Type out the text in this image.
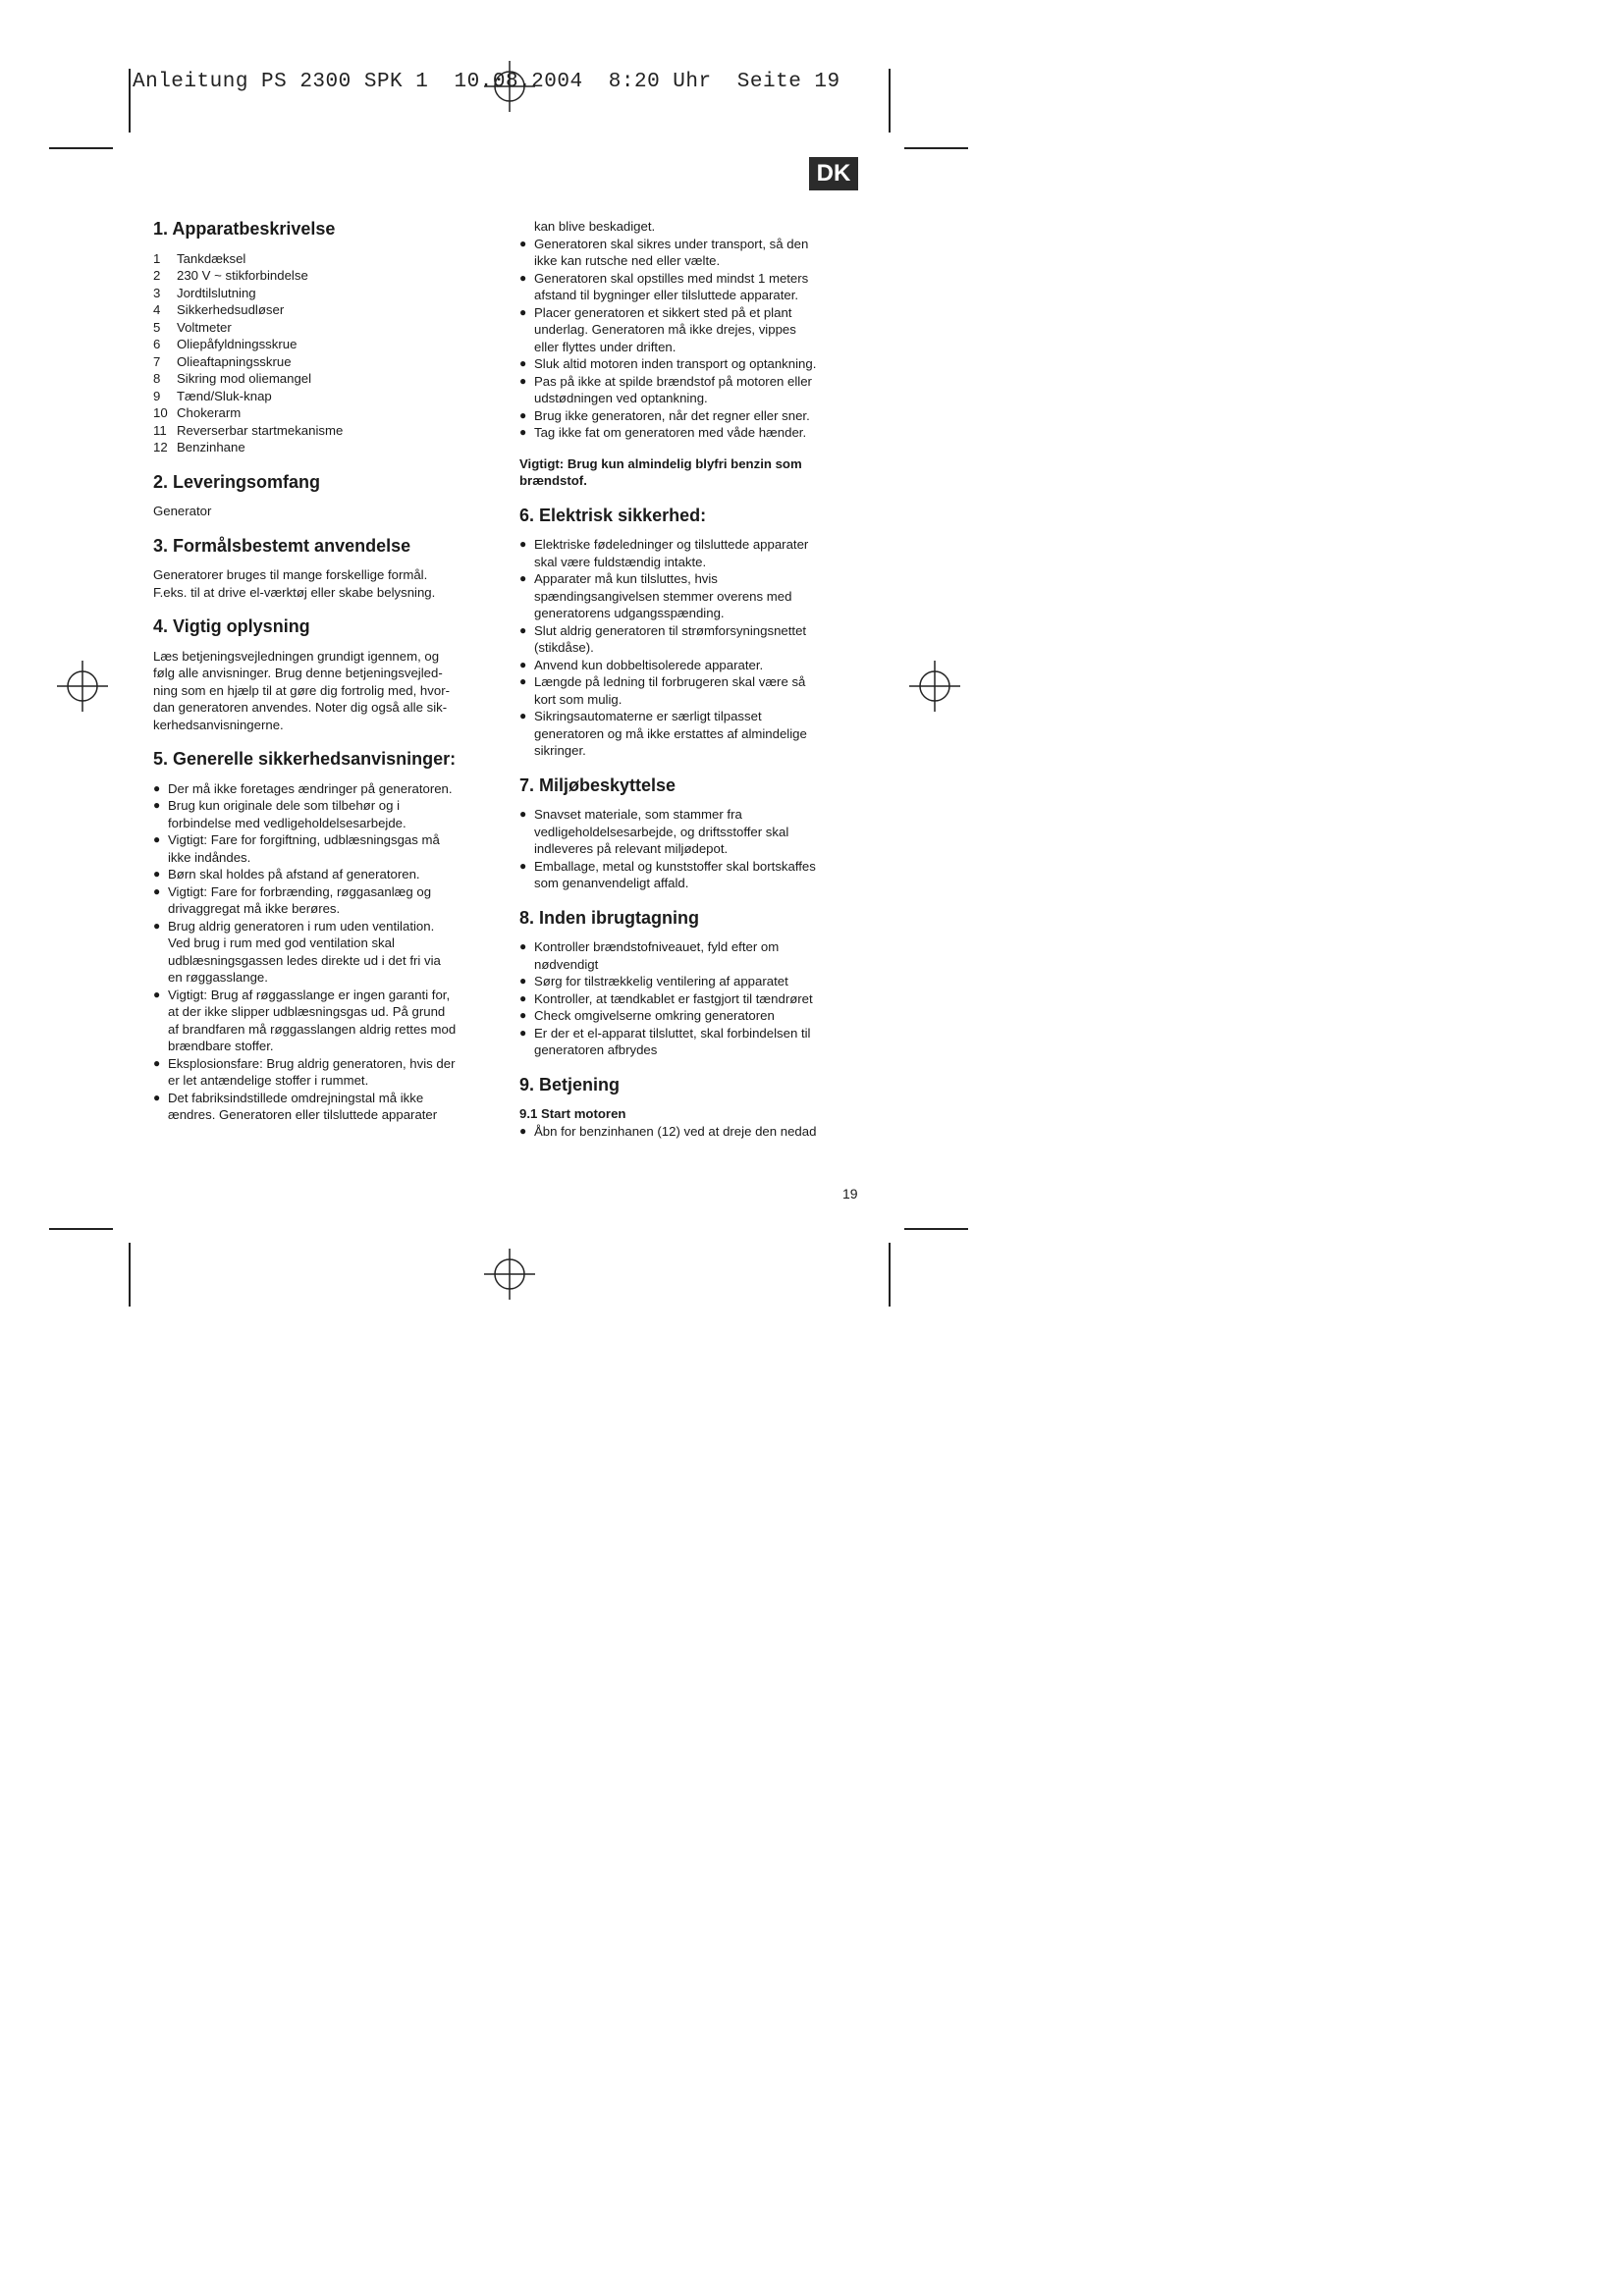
Anleitung PS 2300 SPK 1  10.08.2004  8:20 Uhr  Seite 19
DK
1. Apparatbeskrivelse
1	Tankdæksel
2	230 V ~ stikforbindelse
3	Jordtilslutning
4	Sikkerhedsudløser
5	Voltmeter
6	Oliepåfyldningsskrue
7	Olieaftapningsskrue
8	Sikring mod oliemangel
9	Tænd/Sluk-knap
10 Chokerarm
11 Reverserbar startmekanisme
12 Benzinhane
2. Leveringsomfang

Generator

3. Formålsbestemt anvendelse

Generatorer bruges til mange forskellige formål.

F.eks. til at drive el-værktøj eller skabe belysning.

4. Vigtig oplysning

Læs betjeningsvejledningen grundigt igennem, og

følg alle anvisninger. Brug denne betjeningsvejled-

ning som en hjælp til at gøre dig fortrolig med, hvor-

dan generatoren anvendes. Noter dig også alle sik-

kerhedsanvisningerne.

5. Generelle sikkerhedsanvisninger:
● Der må ikke foretages ændringer på generatoren.
● Brug kun originale dele som tilbehør og i
forbindelse med vedligeholdelsesarbejde.
● Vigtigt: Fare for forgiftning, udblæsningsgas må
ikke indåndes.
● Børn skal holdes på afstand af generatoren.
● Vigtigt: Fare for forbrænding, røggasanlæg og
drivaggregat må ikke berøres.
● Brug aldrig generatoren i rum uden ventilation.
Ved brug i rum med god ventilation skal
udblæsningsgassen ledes direkte ud i det fri via
en røggasslange.
● Vigtigt: Brug af røggasslange er ingen garanti for,
at der ikke slipper udblæsningsgas ud. På grund
af brandfaren må røggasslangen aldrig rettes mod
brændbare stoffer.
● Eksplosionsfare: Brug aldrig generatoren, hvis der
er let antændelige stoffer i rummet.
● Det fabriksindstillede omdrejningstal må ikke
ændres. Generatoren eller tilsluttede apparater

kan blive beskadiget.

● Generatoren skal sikres under transport, så den
ikke kan rutsche ned eller vælte.
● Generatoren skal opstilles med mindst 1 meters
afstand til bygninger eller tilsluttede apparater.
● Placer generatoren et sikkert sted på et plant
underlag. Generatoren må ikke drejes, vippes
eller flyttes under driften.
● Sluk altid motoren inden transport og optankning.
● Pas på ikke at spilde brændstof på motoren eller
udstødningen ved optankning.
● Brug ikke generatoren, når det regner eller sner.
● Tag ikke fat om generatoren med våde hænder.

Vigtigt: Brug kun almindelig blyfri benzin som
brændstof.

6. Elektrisk sikkerhed:
● Elektriske fødeledninger og tilsluttede apparater
skal være fuldstændig intakte.
● Apparater må kun tilsluttes, hvis
spændingsangivelsen stemmer overens med
generatorens udgangsspænding.
● Slut aldrig generatoren til strømforsyningsnettet
(stikdåse).
● Anvend kun dobbeltisolerede apparater.
● Længde på ledning til forbrugeren skal være så
kort som mulig.
● Sikringsautomaterne er særligt tilpasset
generatoren og må ikke erstattes af almindelige
sikringer.
7. Miljøbeskyttelse
● Snavset materiale, som stammer fra
vedligeholdelsesarbejde, og driftsstoffer skal
indleveres på relevant miljødepot.
● Emballage, metal og kunststoffer skal bortskaffes
som genanvendeligt affald.
8. Inden ibrugtagning
● Kontroller brændstofniveauet, fyld efter om
nødvendigt
● Sørg for tilstrækkelig ventilering af apparatet
● Kontroller, at tændkablet er fastgjort til tændrøret
● Check omgivelserne omkring generatoren
● Er der et el-apparat tilsluttet, skal forbindelsen til
generatoren afbrydes
9. Betjening
9.1 Start motoren
● Åbn for benzinhanen (12) ved at dreje den nedad
19
